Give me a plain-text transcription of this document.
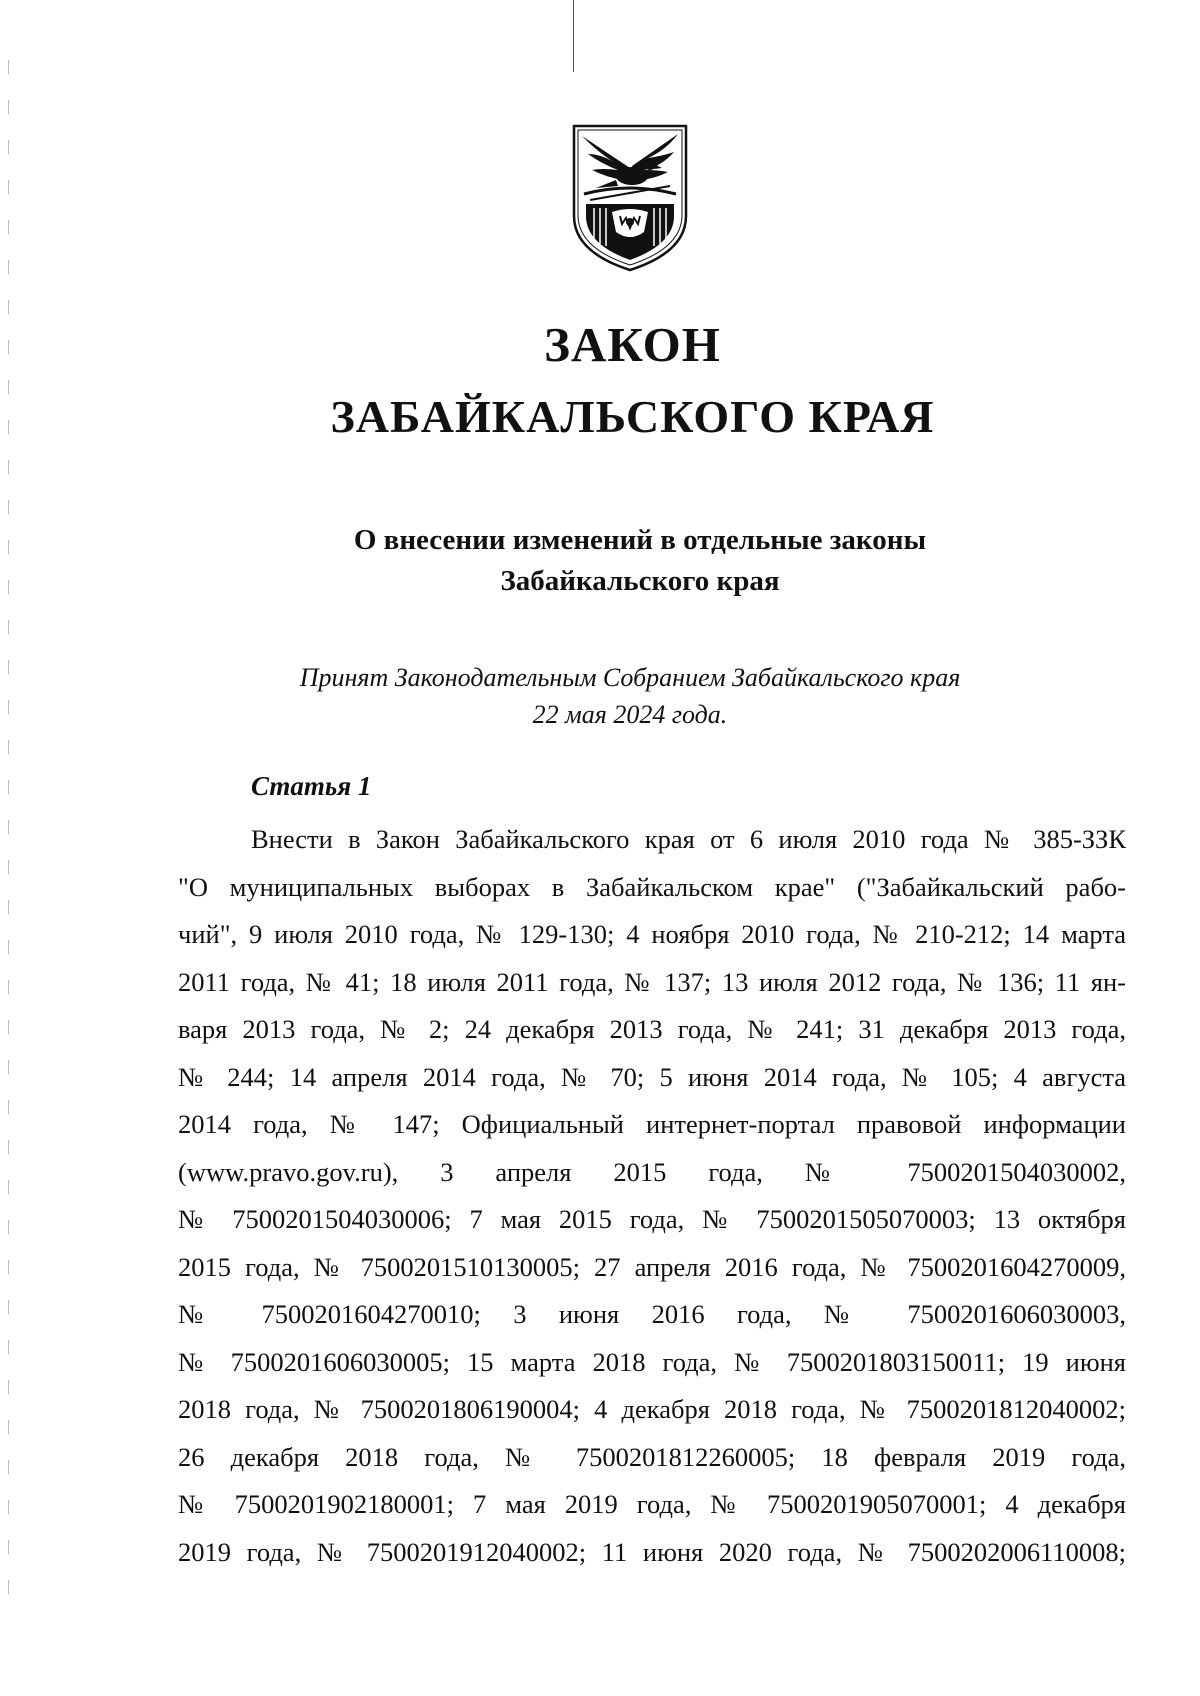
ЗАКОН
ЗАБАЙКАЛЬСКОГО КРАЯ
О внесении изменений в отдельные законы
Забайкальского края
Принят Законодательным Собранием Забайкальского края
22 мая 2024 года.
Статья 1
Внести в Закон Забайкальского края от 6 июля 2010 года № 385-ЗЗК
"О муниципальных выборах в Забайкальском крае" ("Забайкальский рабо-
чий", 9 июля 2010 года, № 129-130; 4 ноября 2010 года, № 210-212; 14 марта
2011 года, № 41; 18 июля 2011 года, № 137; 13 июля 2012 года, № 136; 11 ян-
варя 2013 года, № 2; 24 декабря 2013 года, № 241; 31 декабря 2013 года,
№ 244; 14 апреля 2014 года, № 70; 5 июня 2014 года, № 105; 4 августа
2014 года, № 147; Официальный интернет-портал правовой информации
(www.pravo.gov.ru), 3 апреля 2015 года, № 7500201504030002,
№ 7500201504030006; 7 мая 2015 года, № 7500201505070003; 13 октября
2015 года, № 7500201510130005; 27 апреля 2016 года, № 7500201604270009,
№ 7500201604270010; 3 июня 2016 года, № 7500201606030003,
№ 7500201606030005; 15 марта 2018 года, № 7500201803150011; 19 июня
2018 года, № 7500201806190004; 4 декабря 2018 года, № 7500201812040002;
26 декабря 2018 года, № 7500201812260005; 18 февраля 2019 года,
№ 7500201902180001; 7 мая 2019 года, № 7500201905070001; 4 декабря
2019 года, № 7500201912040002; 11 июня 2020 года, № 7500202006110008;
